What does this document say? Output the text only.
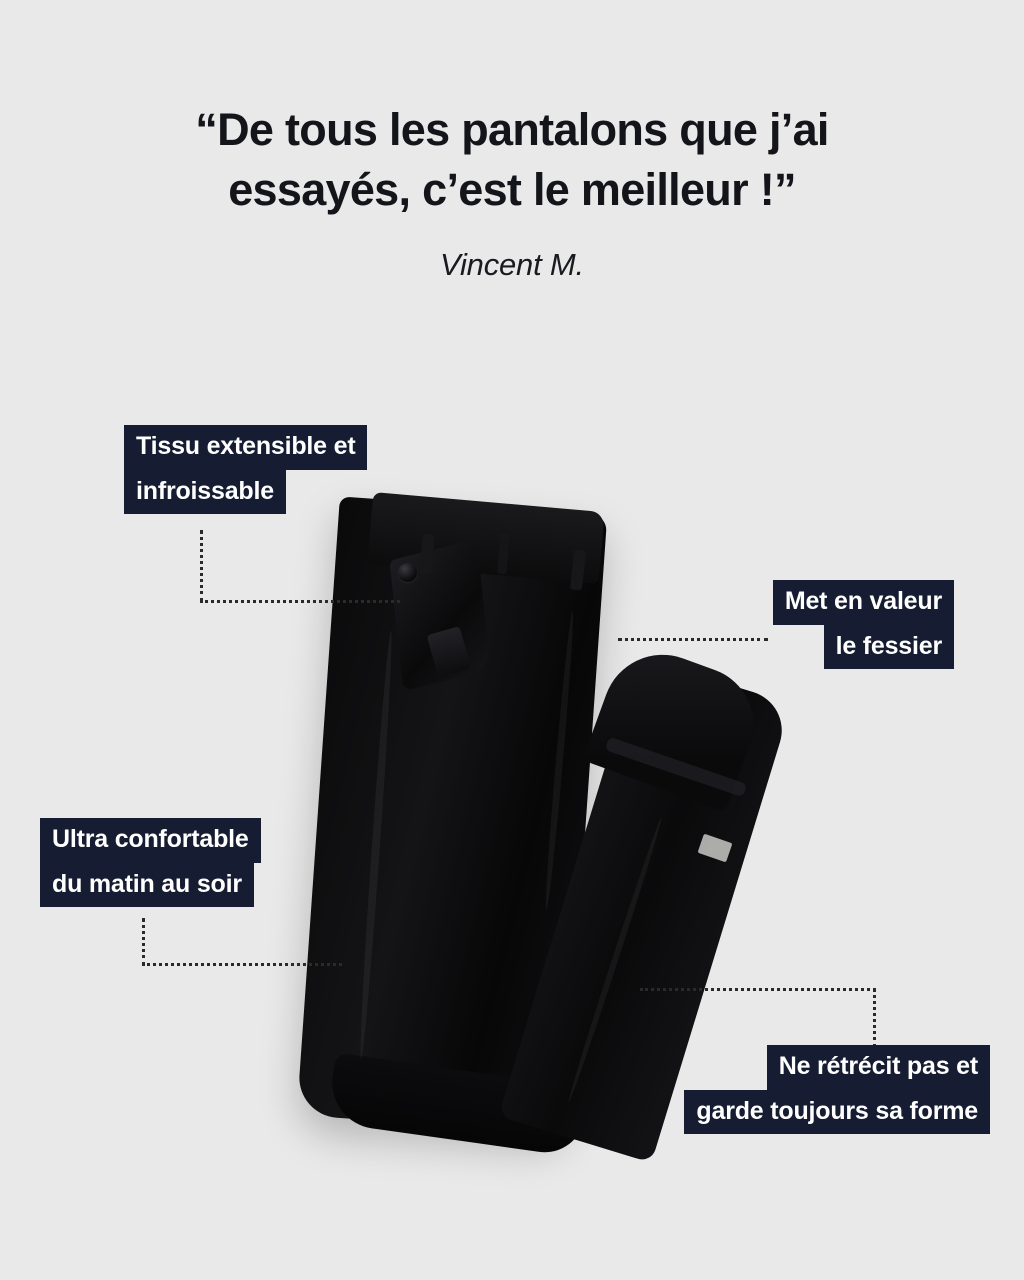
“De tous les pantalons que j’ai essayés, c’est le meilleur !”
Vincent M.
Tissu extensible et
infroissable
Met en valeur
le fessier
Ultra confortable
du matin au soir
Ne rétrécit pas et
garde toujours sa forme
